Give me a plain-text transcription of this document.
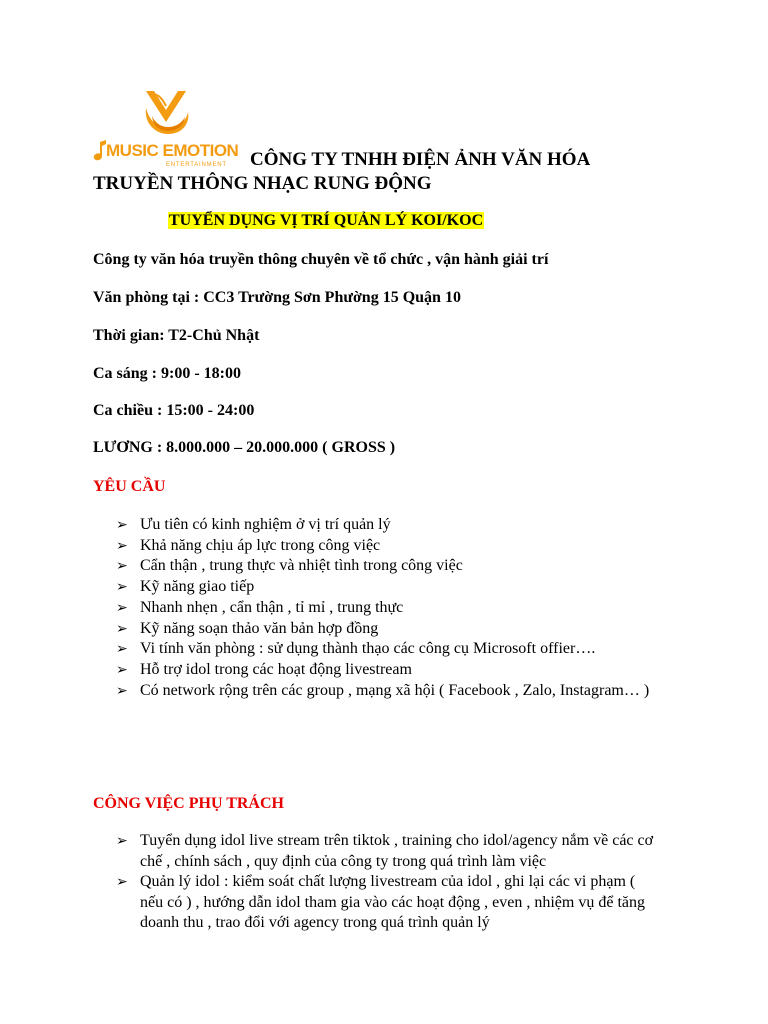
MUSIC EMOTION
ENTERTAINMENT CÔNG TY TNHH ĐIỆN ẢNH VĂN HÓA
TRUYỀN THÔNG NHẠC RUNG ĐỘNG
TUYỂN DỤNG VỊ TRÍ QUẢN LÝ KOI/KOC
Công ty văn hóa truyền thông chuyên về tổ chức , vận hành giải trí
Văn phòng tại : CC3 Trường Sơn Phường 15 Quận 10
Thời gian: T2-Chủ Nhật
Ca sáng : 9:00 - 18:00
Ca chiều : 15:00 - 24:00
LƯƠNG : 8.000.000 – 20.000.000 ( GROSS )
YÊU CẦU
➢ Ưu tiên có kinh nghiệm ở vị trí quản lý
➢ Khả năng chịu áp lực trong công việc
➢ Cẩn thận , trung thực và nhiệt tình trong công việc
➢ Kỹ năng giao tiếp
➢ Nhanh nhẹn , cẩn thận , tỉ mỉ , trung thực
➢ Kỹ năng soạn thảo văn bản hợp đồng
➢ Vi tính văn phòng : sử dụng thành thạo các công cụ Microsoft offier….
➢ Hỗ trợ idol trong các hoạt động livestream
➢ Có network rộng trên các group , mạng xã hội ( Facebook , Zalo, Instagram… )
CÔNG VIỆC PHỤ TRÁCH
➢ Tuyển dụng idol live stream trên tiktok , training cho idol/agency nắm về các cơ chế , chính sách , quy định của công ty trong quá trình làm việc
➢ Quản lý idol : kiểm soát chất lượng livestream của idol , ghi lại các vi phạm ( nếu có ) , hướng dẫn idol tham gia vào các hoạt động , even , nhiệm vụ để tăng doanh thu , trao đổi với agency trong quá trình quản lý
